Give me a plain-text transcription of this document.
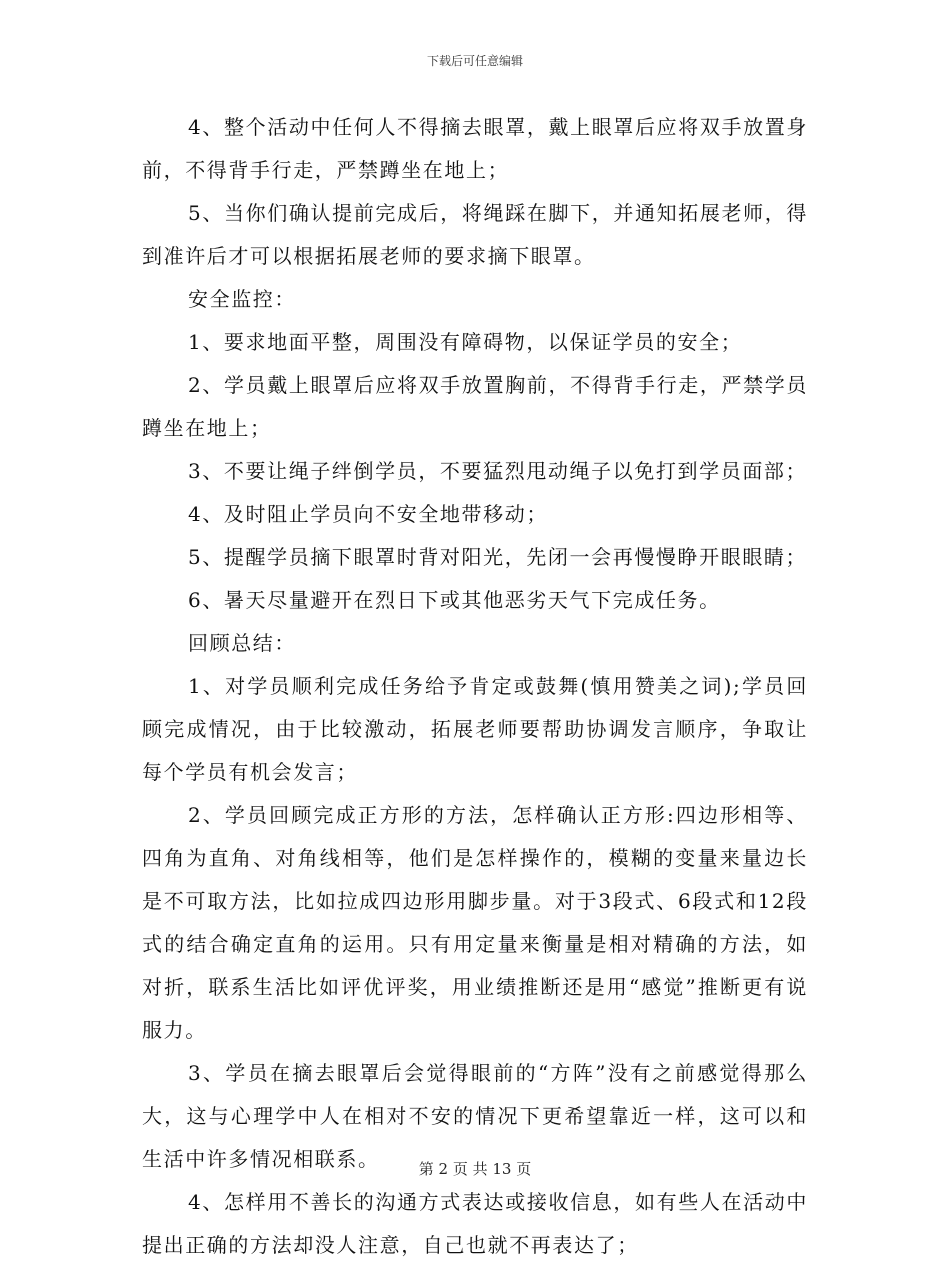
下载后可任意编辑

4、整个活动中任何人不得摘去眼罩，戴上眼罩后应将双手放置身前，不得背手行走，严禁蹲坐在地上；

5、当你们确认提前完成后，将绳踩在脚下，并通知拓展老师，得到准许后才可以根据拓展老师的要求摘下眼罩。

安全监控：

1、要求地面平整，周围没有障碍物，以保证学员的安全；

2、学员戴上眼罩后应将双手放置胸前，不得背手行走，严禁学员蹲坐在地上；

3、不要让绳子绊倒学员，不要猛烈甩动绳子以免打到学员面部；

4、及时阻止学员向不安全地带移动；

5、提醒学员摘下眼罩时背对阳光，先闭一会再慢慢睁开眼眼睛；

6、暑天尽量避开在烈日下或其他恶劣天气下完成任务。

回顾总结：

1、对学员顺利完成任务给予肯定或鼓舞(慎用赞美之词);学员回顾完成情况，由于比较激动，拓展老师要帮助协调发言顺序，争取让每个学员有机会发言；

2、学员回顾完成正方形的方法，怎样确认正方形:四边形相等、四角为直角、对角线相等，他们是怎样操作的，模糊的变量来量边长是不可取方法，比如拉成四边形用脚步量。对于3段式、6段式和12段式的结合确定直角的运用。只有用定量来衡量是相对精确的方法，如对折，联系生活比如评优评奖，用业绩推断还是用“感觉”推断更有说服力。

3、学员在摘去眼罩后会觉得眼前的“方阵”没有之前感觉得那么大，这与心理学中人在相对不安的情况下更希望靠近一样，这可以和生活中许多情况相联系。

4、怎样用不善长的沟通方式表达或接收信息，如有些人在活动中提出正确的方法却没人注意，自己也就不再表达了；

第 2 页 共 13 页
